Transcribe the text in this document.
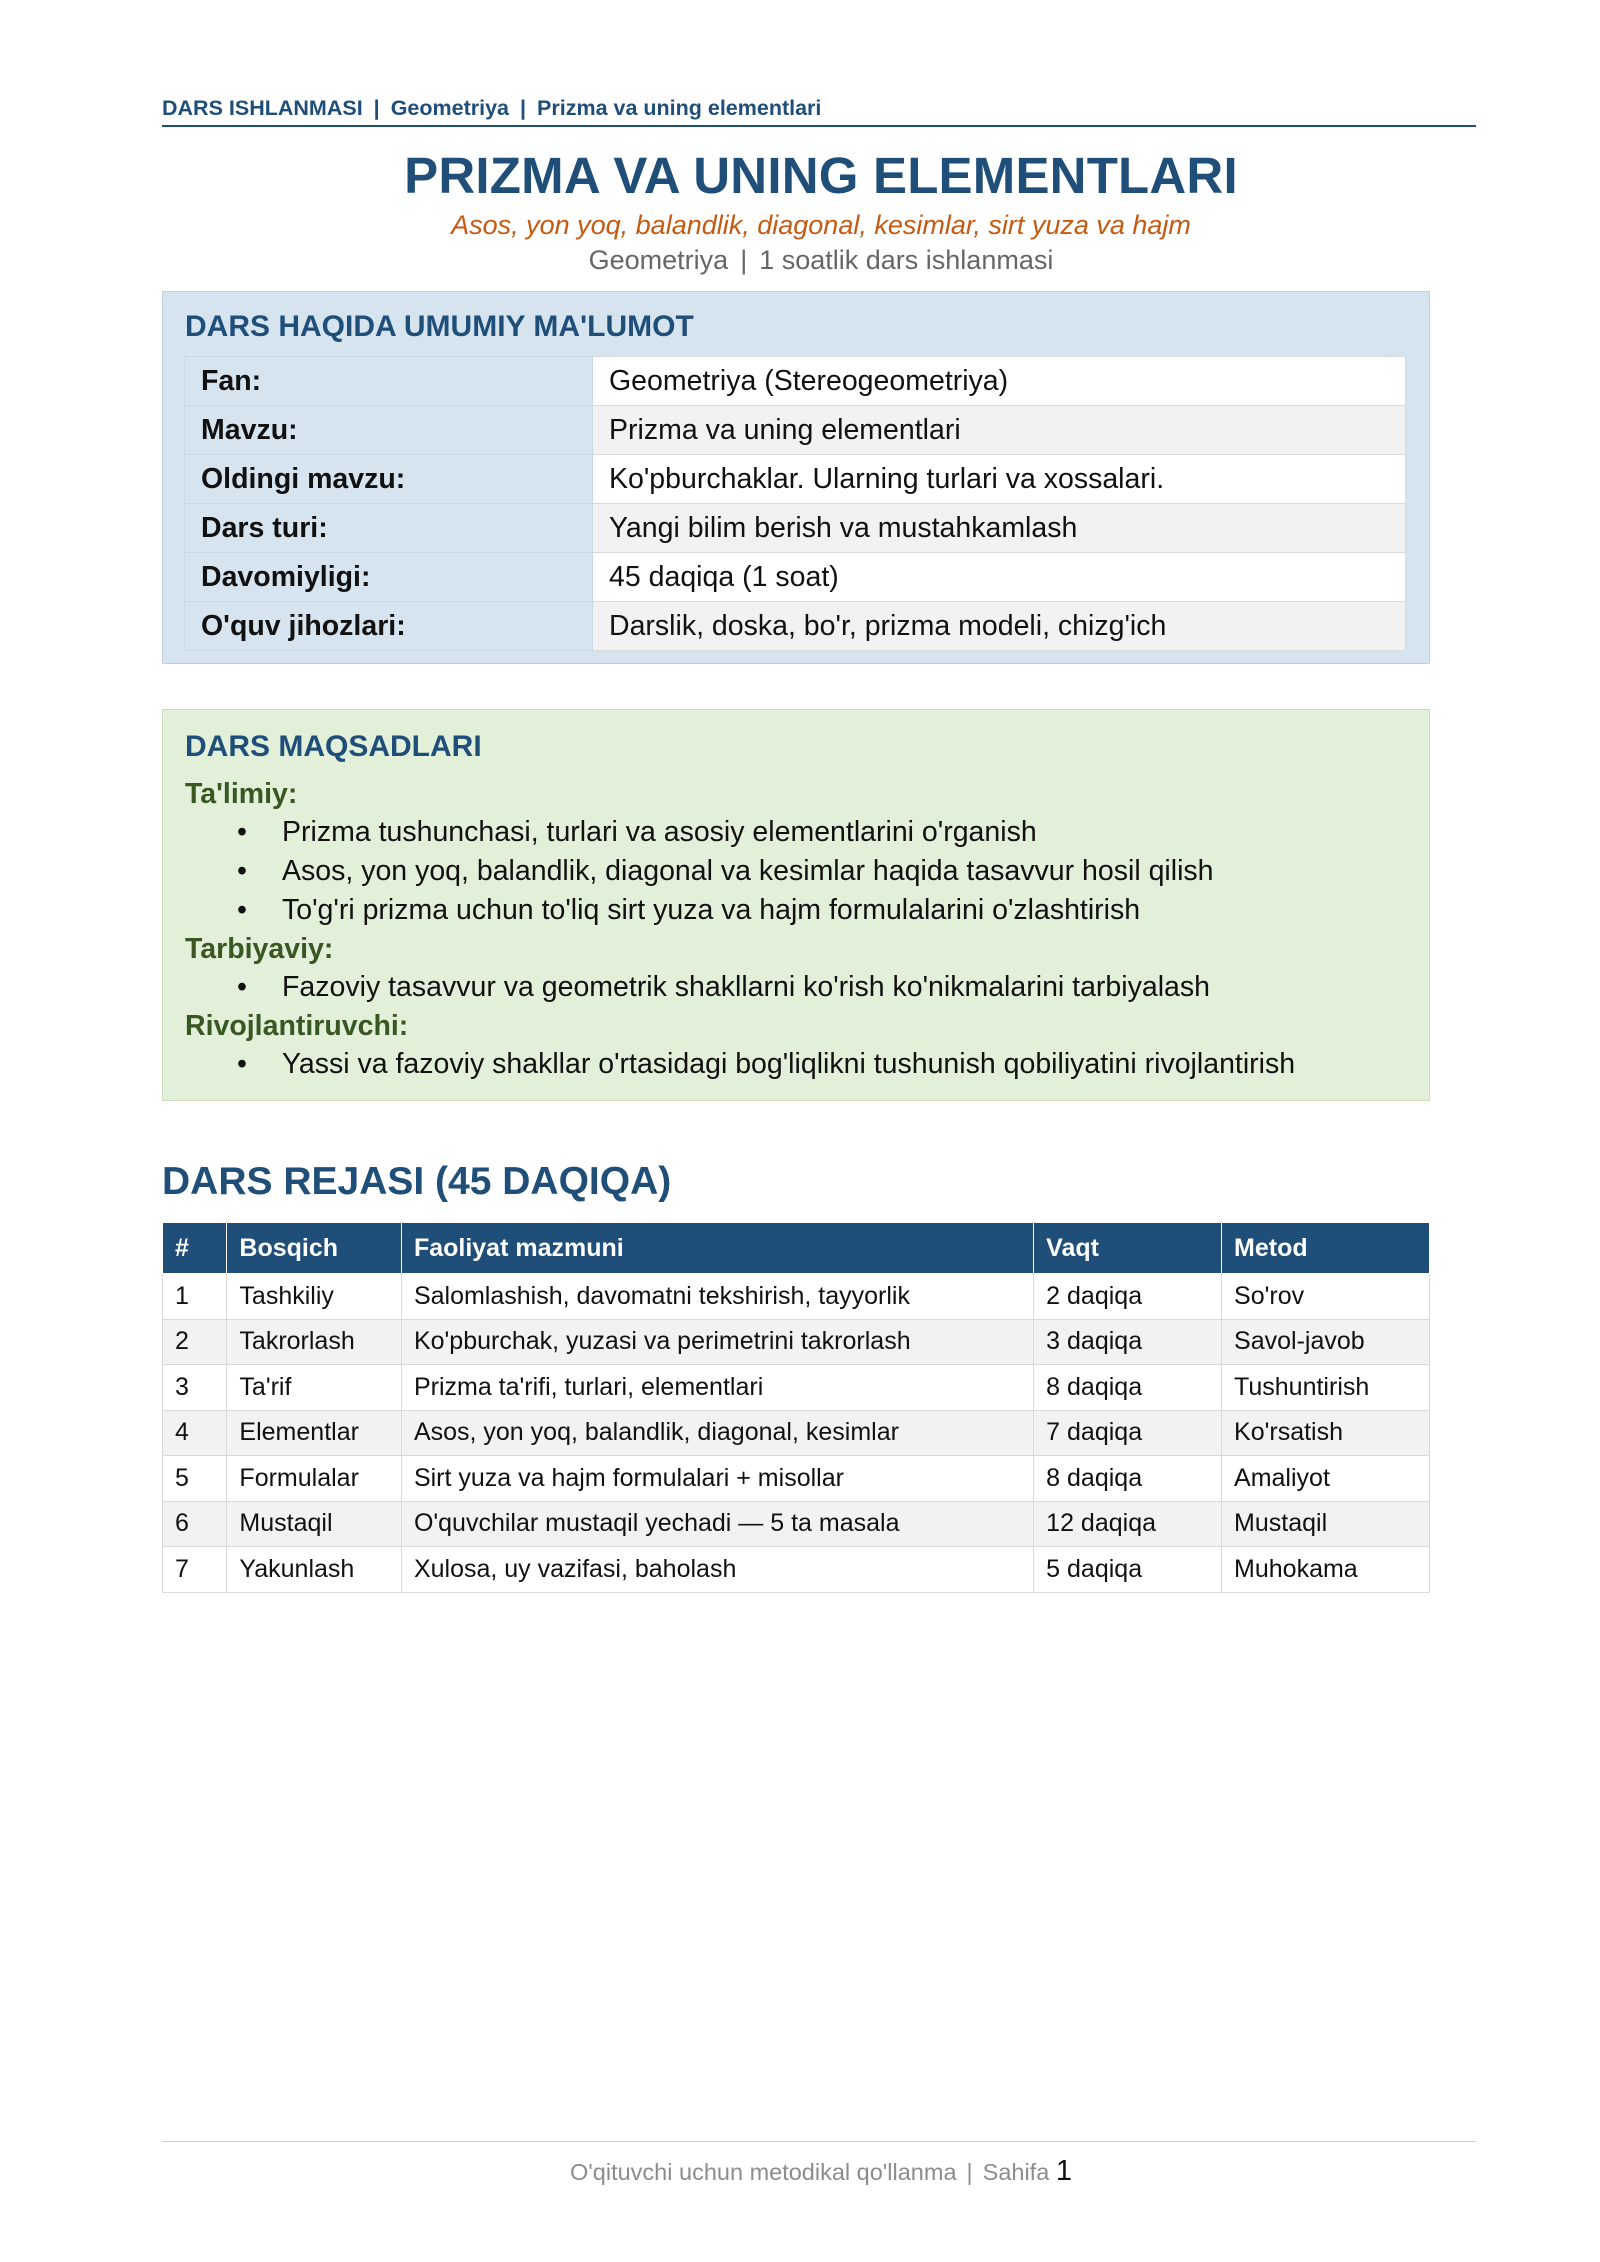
DARS ISHLANMASI | Geometriya | Prizma va uning elementlari
PRIZMA VA UNING ELEMENTLARI
Asos, yon yoq, balandlik, diagonal, kesimlar, sirt yuza va hajm
Geometriya | 1 soatlik dars ishlanmasi
DARS HAQIDA UMUMIY MA'LUMOT
Fan:	Geometriya (Stereogeometriya)
Mavzu:	Prizma va uning elementlari
Oldingi mavzu:	Ko'pburchaklar. Ularning turlari va xossalari.
Dars turi:	Yangi bilim berish va mustahkamlash
Davomiyligi:	45 daqiqa (1 soat)
O'quv jihozlari:	Darslik, doska, bo'r, prizma modeli, chizg'ich
DARS MAQSADLARI
Ta'limiy:
• Prizma tushunchasi, turlari va asosiy elementlarini o'rganish
• Asos, yon yoq, balandlik, diagonal va kesimlar haqida tasavvur hosil qilish
• To'g'ri prizma uchun to'liq sirt yuza va hajm formulalarini o'zlashtirish
Tarbiyaviy:
• Fazoviy tasavvur va geometrik shakllarni ko'rish ko'nikmalarini tarbiyalash
Rivojlantiruvchi:
• Yassi va fazoviy shakllar o'rtasidagi bog'liqlikni tushunish qobiliyatini rivojlantirish
DARS REJASI (45 DAQIQA)
#	Bosqich	Faoliyat mazmuni	Vaqt	Metod
1	Tashkiliy	Salomlashish, davomatni tekshirish, tayyorlik	2 daqiqa	So'rov
2	Takrorlash	Ko'pburchak, yuzasi va perimetrini takrorlash	3 daqiqa	Savol-javob
3	Ta'rif	Prizma ta'rifi, turlari, elementlari	8 daqiqa	Tushuntirish
4	Elementlar	Asos, yon yoq, balandlik, diagonal, kesimlar	7 daqiqa	Ko'rsatish
5	Formulalar	Sirt yuza va hajm formulalari + misollar	8 daqiqa	Amaliyot
6	Mustaqil	O'quvchilar mustaqil yechadi — 5 ta masala	12 daqiqa	Mustaqil
7	Yakunlash	Xulosa, uy vazifasi, baholash	5 daqiqa	Muhokama
O'qituvchi uchun metodikal qo'llanma | Sahifa 1
